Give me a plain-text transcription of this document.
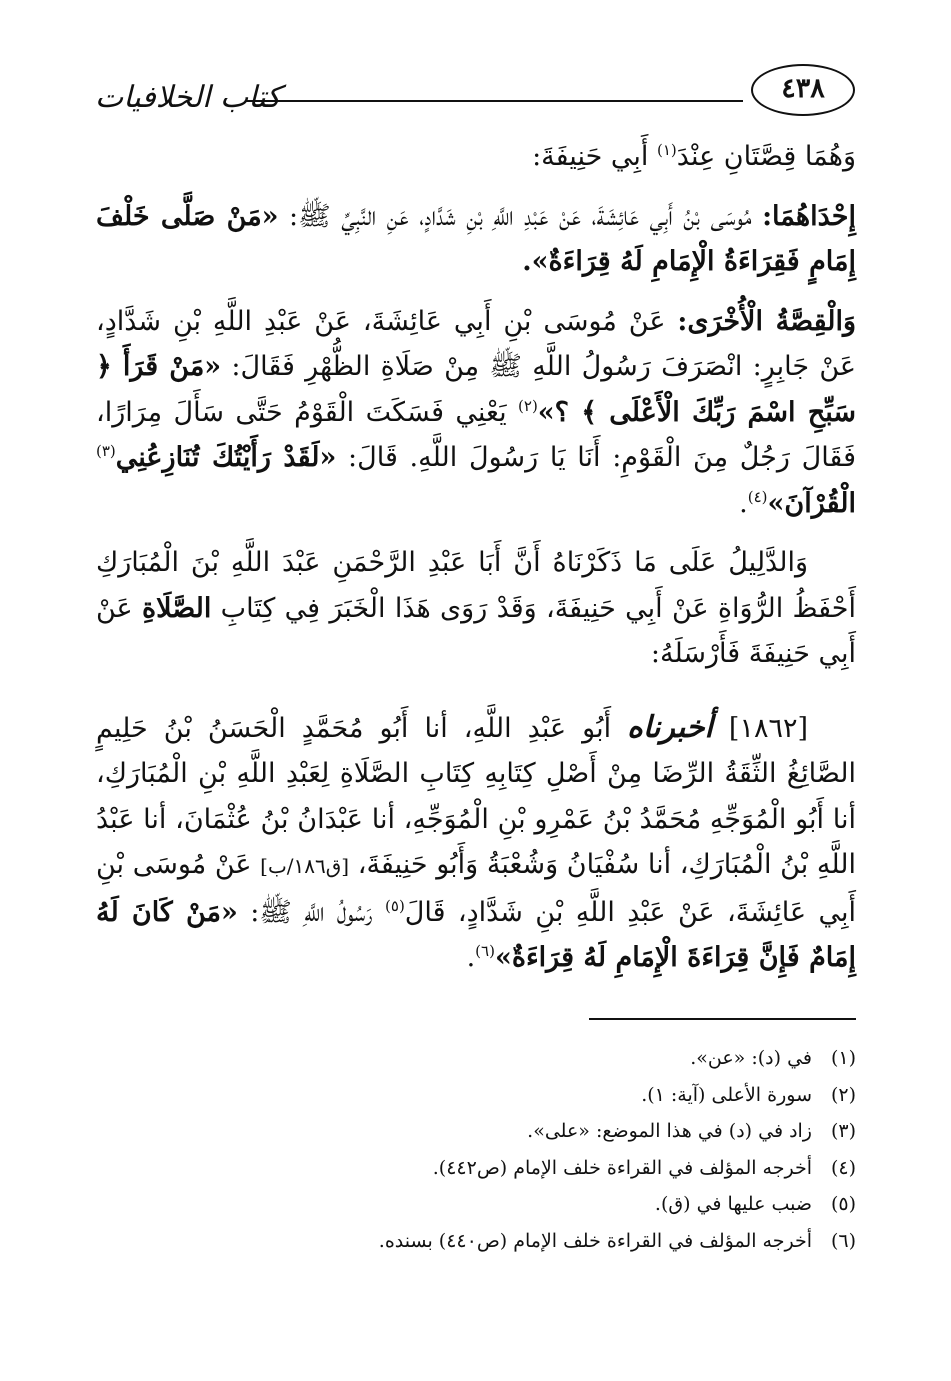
كتاب الخلافيات	٤٣٨

وَهُمَا قِصَّتَانِ عِنْدَ$^{(١)}$ أَبِي حَنِيفَةَ:

إِحْدَاهُمَا: مُوسَى بْنُ أَبِي عَائِشَةَ، عَنْ عَبْدِ اللَّهِ بْنِ شَدَّادٍ، عَنِ النَّبِيِّ ﷺ: «مَنْ صَلَّى خَلْفَ إِمَامٍ فَقِرَاءَةُ الْإِمَامِ لَهُ قِرَاءَةٌ».

وَالْقِصَّةُ الْأُخْرَى: عَنْ مُوسَى بْنِ أَبِي عَائِشَةَ، عَنْ عَبْدِ اللَّهِ بْنِ شَدَّادٍ، عَنْ جَابِرٍ: انْصَرَفَ رَسُولُ اللَّهِ ﷺ مِنْ صَلَاةِ الظُّهْرِ فَقَالَ: «مَنْ قَرَأَ ﴿ سَبِّحِ اسْمَ رَبِّكَ الْأَعْلَى ﴾ ؟»$^{(٢)}$ يَعْنِي فَسَكَتَ الْقَوْمُ حَتَّى سَأَلَ مِرَارًا، فَقَالَ رَجُلٌ مِنَ الْقَوْمِ: أَنَا يَا رَسُولَ اللَّهِ. قَالَ: «لَقَدْ رَأَيْتُكَ تُنَازِعُنِي$^{(٣)}$ الْقُرْآنَ»$^{(٤)}$.

وَالدَّلِيلُ عَلَى مَا ذَكَرْنَاهُ أَنَّ أَبَا عَبْدِ الرَّحْمَنِ عَبْدَ اللَّهِ بْنَ الْمُبَارَكِ أَحْفَظُ الرُّوَاةِ عَنْ أَبِي حَنِيفَةَ، وَقَدْ رَوَى هَذَا الْخَبَرَ فِي كِتَابِ الصَّلَاةِ عَنْ أَبِي حَنِيفَةَ فَأَرْسَلَهُ:

[١٨٦٢] أخبرناه أَبُو عَبْدِ اللَّهِ، أنا أَبُو مُحَمَّدٍ الْحَسَنُ بْنُ حَلِيمٍ الصَّائِغُ الثِّقَةُ الرِّضَا مِنْ أَصْلِ كِتَابِهِ كِتَابِ الصَّلَاةِ لِعَبْدِ اللَّهِ بْنِ الْمُبَارَكِ، أنا أَبُو الْمُوَجِّهِ مُحَمَّدُ بْنُ عَمْرِو بْنِ الْمُوَجِّهِ، أنا عَبْدَانُ بْنُ عُثْمَانَ، أنا عَبْدُ اللَّهِ بْنُ الْمُبَارَكِ، أنا سُفْيَانُ وَشُعْبَةُ وَأَبُو حَنِيفَةَ، [ق١٨٦/ب] عَنْ مُوسَى بْنِ أَبِي عَائِشَةَ، عَنْ عَبْدِ اللَّهِ بْنِ شَدَّادٍ، قَالَ$^{(٥)}$ رَسُولُ اللَّهِ ﷺ: «مَنْ كَانَ لَهُ إِمَامٌ فَإِنَّ قِرَاءَةَ الْإِمَامِ لَهُ قِرَاءَةٌ»$^{(٦)}$.

(١)
في (د): «عن».
(٢)
سورة الأعلى (آية: ١).
(٣)
زاد في (د) في هذا الموضع: «على».
(٤)
أخرجه المؤلف في القراءة خلف الإمام (ص٤٤٢).
(٥)
ضبب عليها في (ق).
(٦)
أخرجه المؤلف في القراءة خلف الإمام (ص٤٤٠) بسنده.
